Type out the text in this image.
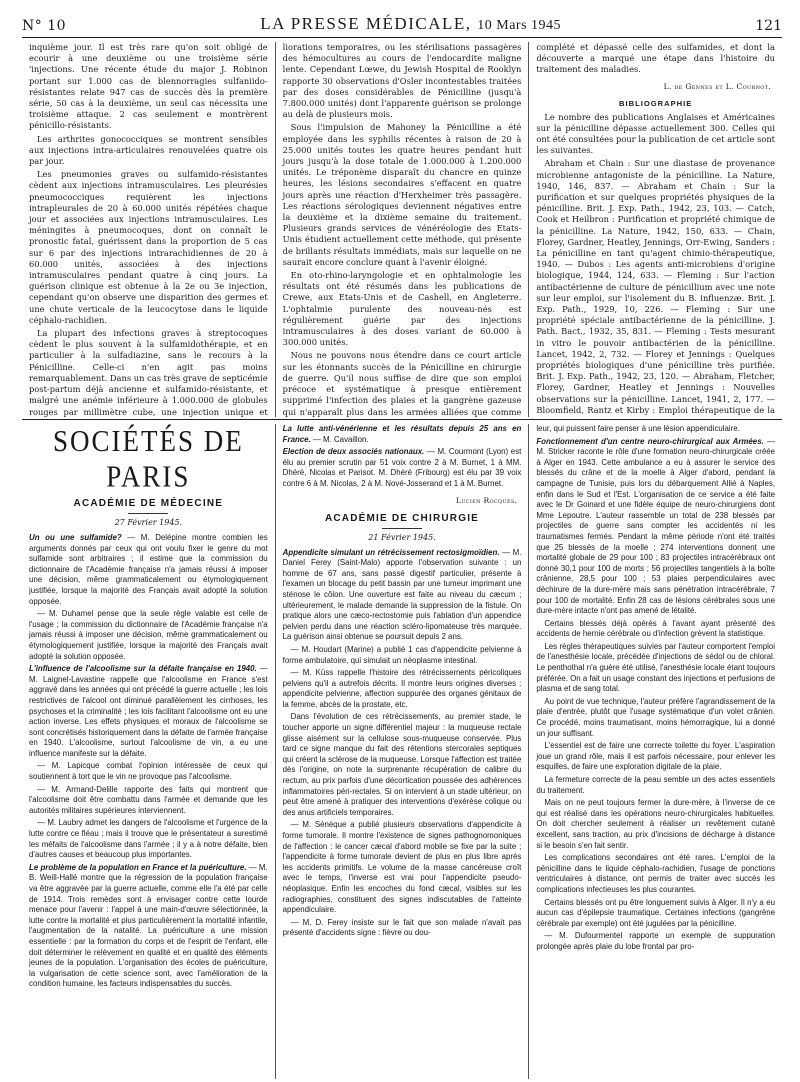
N° 10	LA PRESSE MÉDICALE, 10 Mars 1945	121

inquième jour. Il est très rare qu'on soit obligé de ecourir à une deuxième ou une troisième série 'injections. Une récente étude du major J. Robinon portant sur 1.000 cas de blennorragies sulfaniido-résistantes relate 947 cas de succès dès la première série, 50 cas à la deuxième, un seul cas nécessita une troisième attaque. 2 cas seulement e montrèrent pénicillo-résistants.

Les arthrites gonococciques se montrent sensibles aux injections intra-articulaires renouvelées quatre ois par jour.

Les pneumonies graves ou sulfamido-résistantes cèdent aux injections intramusculaires. Les pleurésies pneumococciques requièrent les injections intrapleurales de 20 à 60.000 unités répétées chaque jour et associées aux injections intramusculaires. Les méningites à pneumocoques, dont on connaît le pronostic fatal, guérissent dans la proportion de 5 cas sur 6 par des injections intrarachidiennes de 20 à 60.000 unités, associées à des injections intramusculaires pendant quatre à cinq jours. La guérison clinique est obtenue à la 2e ou 3e injection, cependant qu'on observe une disparition des germes et une chute verticale de la leucocytose dans le liquide céphalo-rachidien.

La plupart des infections graves à streptocoques cèdent le plus souvent à la sulfamidothérapie, et en particulier à la sulfadiazine, sans le recours à la Pénicilline. Celle-ci n'en agit pas moins remarquablement. Dans un cas très grave de septicémie post-partum déjà ancienne et sulfamido-résistante, et malgré une anémie inférieure à 1.000.000 de globules rouges par millimètre cube, une injection unique et

liorations temporaires, ou les stérilisations passagères des hémocultures au cours de l'endocardite maligne lente. Cependant Lœwe, du Jewish Hospital de Rooklyn rapporte 30 observations d'Osler incontestables traitées par des doses considérables de Pénicilline (jusqu'à 7.800.000 unités) dont l'apparente guérison se prolonge au delà de plusieurs mois.

Sous l'impulsion de Mahoney la Pénicilline a été employée dans les syphilis récentes à raison de 20 à 25.000 unités toutes les quatre heures pendant huit jours jusqu'à la dose totale de 1.000.000 à 1.200.000 unités. Le tréponème disparaît du chancre en quinze heures, les lésions secondaires s'effacent en quatre jours après une réaction d'Herxheimer très passagère. Les réactions sérologiques deviennent négatives entre la deuxième et la dixième semaine du traitement. Plusieurs grands services de vénéréologie des Etats-Unis étudient actuellement cette méthode, qui présente de brillants résultats immédiats, mais sur laquelle on ne saurait encore conclure quant à l'avenir éloigné.

En oto-rhino-laryngologie et en ophtalmologie les résultats ont été résumés dans les publications de Crewe, aux Etats-Unis et de Cashell, en Angleterre. L'ophtalmie purulente des nouveau-nés est régulièrement guérie par des injections intramusculaires à des doses variant de 60.000 à 300.000 unités.

Nous ne pouvons nous étendre dans ce court article sur les étonnants succès de la Pénicilline en chirurgie de guerre. Qu'il nous suffise de dire que son emploi précoce et systématique à presque entièrement supprimé l'infection des plaies et la gangrène gazeuse qui n'apparaît plus dans les armées alliées que comme

complété et dépassé celle des sulfamides, et dont la découverte a marqué une étape dans l'histoire du traitement des maladies.

L. de Gennes et L. Cournot.
BIBLIOGRAPHIE

Le nombre des publications Anglaises et Américaines sur la pénicilline dépasse actuellement 300. Celles qui ont été consultées pour la publication de cet article sont les suivantes.

Abraham et Chain : Sur une diastase de provenance microbienne antagoniste de la pénicilline. La Nature, 1940, 146, 837. — Abraham et Chain : Sur la purification et sur quelques propriétés physiques de la pénicilline. Brit. J. Exp. Path., 1942, 23, 103. — Catch, Cook et Heilbron : Purification et propriété chimique de la pénicilline. La Nature, 1942, 150, 633. — Chain, Florey, Gardner, Heatley, Jennings, Orr-Ewing, Sanders : La pénicilline en tant qu'agent chimio-thérapeutique, 1940. — Dubos : Les agents anti-microbiens d'origine biologique, 1944, 124, 633. — Fleming : Sur l'action antibactérienne de culture de pénicillium avec une note sur leur emploi, sur l'isolement du B. influenzæ. Brit. J. Exp. Path., 1929, 10, 226. — Fleming : Sur une propriété spéciale antibactérienne de la pénicilline. J. Path. Bact., 1932, 35, 831. — Fleming : Tests mesurant in vitro le pouvoir antibactérien de la pénicilline. Lancet, 1942, 2, 732. — Florey et Jennings : Quelques propriétés biologiques d'une pénicilline très purifiée. Brit. J. Exp. Path., 1942, 23, 120. — Abraham, Fletcher, Florey, Gardner, Heatley et Jennings : Nouvelles observations sur la pénicilline. Lancet, 1941, 2, 177. — Bloomfield, Rantz et Kirby : Emploi thérapeutique de la

SOCIÉTÉS DE PARIS
ACADÉMIE DE MÉDECINE
27 Février 1945.

Un ou une sulfamide? — M. Delépine montre combien les arguments donnés par ceux qui ont voulu fixer le genre du mot sulfamide sont arbitraires ; il estime que la commission du dictionnaire de l'Académie française n'a jamais réussi à imposer une décision, même grammaticalement ou étymologiquement justifiée, lorsque la majorité des Français avait adopté la solution opposée.

— M. Duhamel pense que la seule règle valable est celle de l'usage ; la commission du dictionnaire de l'Académie française n'a jamais réussi à imposer une décision, même grammaticalement ou étymologiquement justifiée, lorsque la majorité des Français avait adopté la solution opposée.

L'influence de l'alcoolisme sur la défaite française en 1940. — M. Laignel-Lavastine rappelle que l'alcoolisme en France s'est aggravé dans les années qui ont précédé la guerre actuelle ; les lois restrictives de l'alcool ont diminué parallèlement les cirrhoses, les psychoses et la criminalité ; les lois facilitant l'alcoolisme ont eu une action inverse. Les effets physiques et moraux de l'alcoolisme se sont concrétisés historiquement dans la défaite de l'armée française en 1940. L'alcoolisme, surtout l'alcoolisme de vin, a eu une influence manifeste sur la défaite.

— M. Lapicque combat l'opinion intéressée de ceux qui soutiennent à tort que le vin ne provoque pas l'alcoolisme.

— M. Armand-Delille rapporte des faits qui montrent que l'alcoolisme doit être combattu dans l'armée et demande que les autorités militaires supérieures interviennent.

— M. Laubry admet les dangers de l'alcoolisme et l'urgence de la lutte contre ce fléau ; mais il trouve que le présentateur a surestimé les méfaits de l'alcoolisme dans l'armée ; il y a à notre défaite, bien d'autres causes et beaucoup plus importantes.

Le problème de la population en France et la puériculture. — M. B. Weill-Hallé montre que la régression de la population française va être aggravée par la guerre actuelle, comme elle l'a été par celle de 1914. Trois remèdes sont à envisager contre cette lourde menace pour l'avenir : l'appel à une main-d'œuvre sélectionnée, la lutte contre la mortalité et plus particulièrement la mortalité infantile, l'augmentation de la natalité. La puériculture a une mission essentielle : par la formation du corps et de l'esprit de l'enfant, elle doit déterminer le relèvement en qualité et en qualité des éléments jeunes de la population. L'organisation des écoles de puériculture, la vulgarisation de cette science sont, avec l'amélioration de la condition humaine, les facteurs indispensables du succès.

La lutte anti-vénérienne et les résultats depuis 25 ans en France. — M. Cavaillon.

Election de deux associés nationaux. — M. Courmont (Lyon) est élu au premier scrutin par 51 voix contre 2 à M. Burnet, 1 à MM. Dhéré, Nicolas et Parisot. M. Dhéré (Fribourg) est élu par 39 voix contre 6 à M. Nicolas, 2 à M. Nové-Josserand et 1 à M. Burnet.

Lucien Rocquès.
ACADÉMIE DE CHIRURGIE
21 Février 1945.

Appendicite simulant un rétrécissement rectosigmoïdien. — M. Daniel Ferey (Saint-Malo) apporte l'observation suivante : un homme de 67 ans, sans passé digestif particulier, présente à l'examen un blocage du petit bassin par une tumeur imprimant une sténose le côlon. Une ouverture est faite au niveau du cæcum ; ultérieurement, le malade demande la suppression de la fistule. On pratique alors une cæco-rectostomie puis l'ablation d'un appendice pelvien perdu dans une réaction scléro-lipomateuse très marquée. La guérison ainsi obtenue se poursuit depuis 2 ans.

— M. Houdart (Marine) a publié 1 cas d'appendicite pelvienne à forme ambulatoire, qui simulait un néoplasme intestinal.

— M. Küss rappelle l'histoire des rétrécissements péricoliques pelviens qu'il a autrefois décrits. Il montre leurs origines diverses : appendicite pelvienne, affection suppurée des organes génitaux de la femme, abcès de la prostate, etc.

Dans l'évolution de ces rétrécissements, au premier stade, le toucher apporte un signe différentiel majeur : la muqueuse rectale glisse aisément sur la cellulose sous-muqueuse conservée. Plus tard ce signe manque du fait des rétentions stercorales septiques qui créent la sclérose de la muqueuse. Lorsque l'affection est traitée dès l'origine, on note la surprenante récupération de calibre du rectum, au prix parfois d'une décortication poussée des adhérences inflammatoires péri-rectales. Si on intervient à un stade ultérieur, on peut être amené à pratiquer des interventions d'exérèse colique ou des anus artificiels temporaires.

— M. Sénèque a publié plusieurs observations d'appendicite à forme tumorale. Il montre l'existence de signes pathognomoniques de l'affection : le cancer cæcal d'abord mobile se fixe par la suite ; l'appendicite à forme tumorale devient de plus en plus libre après les accidents primitifs. Le volume de la masse cancéreuse croît avec le temps, l'inverse est vrai pour l'appendicite pseudo-néoplasique. Enfin les encoches du fond cæcal, visibles sur les radiographies, constituent des signes indiscutables de l'atteinte appendiculaire.

— M. D. Ferey insiste sur le fait que son malade n'avait pas présenté d'accidents signe : fièvre ou dou-

leur, qui puissent faire penser à une lésion appendiculaire.

Fonctionnement d'un centre neuro-chirurgical aux Armées. — M. Stricker raconte le rôle d'une formation neuro-chirurgicale créée à Alger en 1943. Cette ambulance a eu à assurer le service des blessés du crâne et de la moelle à Alger d'abord, pendant la campagne de Tunisie, puis lors du débarquement Allié à Naples, enfin dans le Sud et l'Est. L'organisation de ce service a été faite avec le Dr Goinard et une fidèle équipe de neuro-chirurgiens dont Mme Lepoutre. L'auteur rassemble un total de 238 blessés par projectiles de guerre sans compter les accidentés ni les traumatismes fermés. Pendant la même période n'ont été traités que 25 blessés de la moelle ; 274 interventions donnent une mortalité globale de 29 pour 100 ; 83 projectiles intracérébraux ont donné 30,1 pour 100 de morts ; 56 projectiles tangentiels à la boîte crânienne, 28,5 pour 100 ; 53 plaies perpendiculaires avec déchirure de la dure-mère mais sans pénétration intracérébrale, 7 pour 100 de mortalité. Enfin 28 cas de lésions cérébrales sous une dure-mère intacte n'ont pas amené de létalité.

Certains blessés déjà opérés à l'avant ayant présenté des accidents de hernie cérébrale ou d'infection grèvent la statistique.

Les règles thérapeutiques suivies par l'auteur comportent l'emploi de l'anesthésie locale, précédée d'injections de sédol ou de chloral. Le penthothal n'a guère été utilisé, l'anesthésie locale étant toujours préférée. On a fait un usage constant des injections et perfusions de plasma et de sang total.

Au point de vue technique, l'auteur préfère l'agrandissement de la plaie d'entrée, plutôt que l'usage systématique d'un volet crânien. Ce procédé, moins traumatisant, moins hémorragique, lui a donné un jour suffisant.

L'essentiel est de faire une correcte toilette du foyer. L'aspiration joue un grand rôle, mais il est parfois nécessaire, pour enlever les esquilles, de faire une exploration digitale de la plaie.

La fermeture correcte de la peau semble un des actes essentiels du traitement.

Mais on ne peut toujours fermer la dure-mère, à l'inverse de ce qui est réalisé dans les opérations neuro-chirurgicales habituelles. On doit chercher seulement à réaliser un revêtement cutané excellent, sans traction, au prix d'incisions de décharge à distance si le besoin s'en fait sentir.

Les complications secondaires ont été rares. L'emploi de la pénicilline dans le liquide céphalo-rachidien, l'usage de ponctions ventriculaires à distance, ont permis de traiter avec succès les complications infectieuses les plus courantes.

Certains blessés ont pu être longuement suivis à Alger. Il n'y a eu aucun cas d'épilepsie traumatique. Certaines infections (gangrène cérébrale par exemple) ont été jugulées par la pénicilline.

— M. Dufourmentel rapporte un exemple de suppuration prolongée après plaie du lobe frontal par pro-
